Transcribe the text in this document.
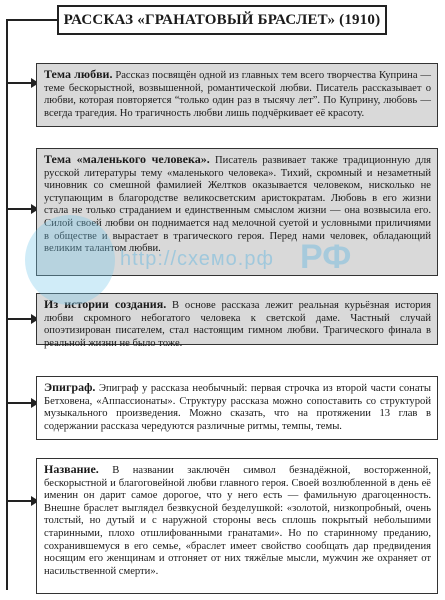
РАССКАЗ «ГРАНАТОВЫЙ БРАСЛЕТ» (1910)
Тема любви. Рассказ посвящён одной из главных тем всего творчества Куприна — теме бескорыстной, возвышенной, романтической любви. Писатель рассказывает о любви, которая повторяется “только один раз в тысячу лет”. По Куприну, любовь — всегда трагедия. Но трагичность любви лишь подчёркивает её красоту.
Тема «маленького человека». Писатель развивает также традиционную для русской литературы тему «маленького человека». Тихий, скромный и незаметный чиновник со смешной фамилией Желтков оказывается человеком, нисколько не уступающим в благородстве великосветским аристократам. Любовь в его жизни стала не только страданием и единственным смыслом жизни — она возвысила его. Силой своей любви он поднимается над мелочной суетой и условными приличиями в обществе и вырастает в трагического героя. Перед нами человек, обладающий великим талантом любви.
Из истории создания. В основе рассказа лежит реальная курьёзная история любви скромного небогатого человека к светской даме. Частный случай опоэтизирован писателем, стал настоящим гимном любви. Трагического финала в реальной жизни не было тоже.
Эпиграф. Эпиграф у рассказа необычный: первая строчка из второй части сонаты Бетховена, «Аппассионаты». Структуру рассказа можно сопоставить со структурой музыкального произведения. Можно сказать, что на протяжении 13 глав в содержании рассказа чередуются различные ритмы, темпы, темы.
Название. В названии заключён символ безнадёжной, восторженной, бескорыстной и благоговейной любви главного героя. Своей возлюбленной в день её именин он дарит самое дорогое, что у него есть — фамильную драгоценность. Внешне браслет выглядел безвкусной безделушкой: «золотой, низкопробный, очень толстый, но дутый и с наружной стороны весь сплошь покрытый небольшими старинными, плохо отшлифованными гранатами». Но по старинному преданию, сохранившемуся в его семье, «браслет имеет свойство сообщать дар предвидения носящим его женщинам и отгоняет от них тяжёлые мысли, мужчин же охраняет от насильственной смерти».
http://схемо.рф РФ
